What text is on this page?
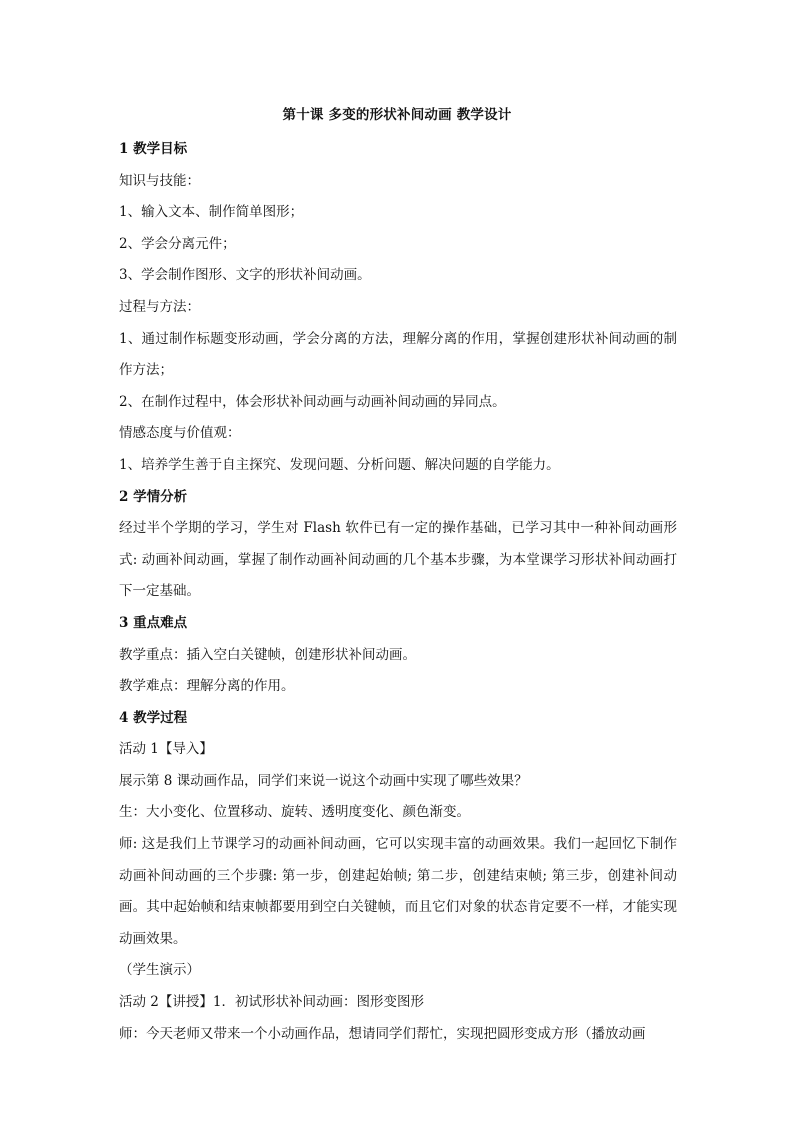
第十课 多变的形状补间动画 教学设计

1 教学目标

知识与技能：

1、输入文本、制作简单图形；

2、学会分离元件；

3、学会制作图形、文字的形状补间动画。

过程与方法：

1、通过制作标题变形动画，学会分离的方法，理解分离的作用，掌握创建形状补间动画的制作方法；

2、在制作过程中，体会形状补间动画与动画补间动画的异同点。

情感态度与价值观：

1、培养学生善于自主探究、发现问题、分析问题、解决问题的自学能力。

2 学情分析

经过半个学期的学习，学生对 Flash 软件已有一定的操作基础，已学习其中一种补间动画形式: 动画补间动画，掌握了制作动画补间动画的几个基本步骤，为本堂课学习形状补间动画打下一定基础。

3 重点难点

教学重点：插入空白关键帧，创建形状补间动画。

教学难点：理解分离的作用。

4 教学过程

活动 1【导入】

展示第 8 课动画作品，同学们来说一说这个动画中实现了哪些效果？

生：大小变化、位置移动、旋转、透明度变化、颜色渐变。

师: 这是我们上节课学习的动画补间动画，它可以实现丰富的动画效果。我们一起回忆下制作动画补间动画的三个步骤: 第一步，创建起始帧; 第二步，创建结束帧; 第三步，创建补间动画。其中起始帧和结束帧都要用到空白关键帧，而且它们对象的状态肯定要不一样，才能实现动画效果。

（学生演示）

活动 2【讲授】1．初试形状补间动画：图形变图形

师：今天老师又带来一个小动画作品，想请同学们帮忙，实现把圆形变成方形（播放动画
